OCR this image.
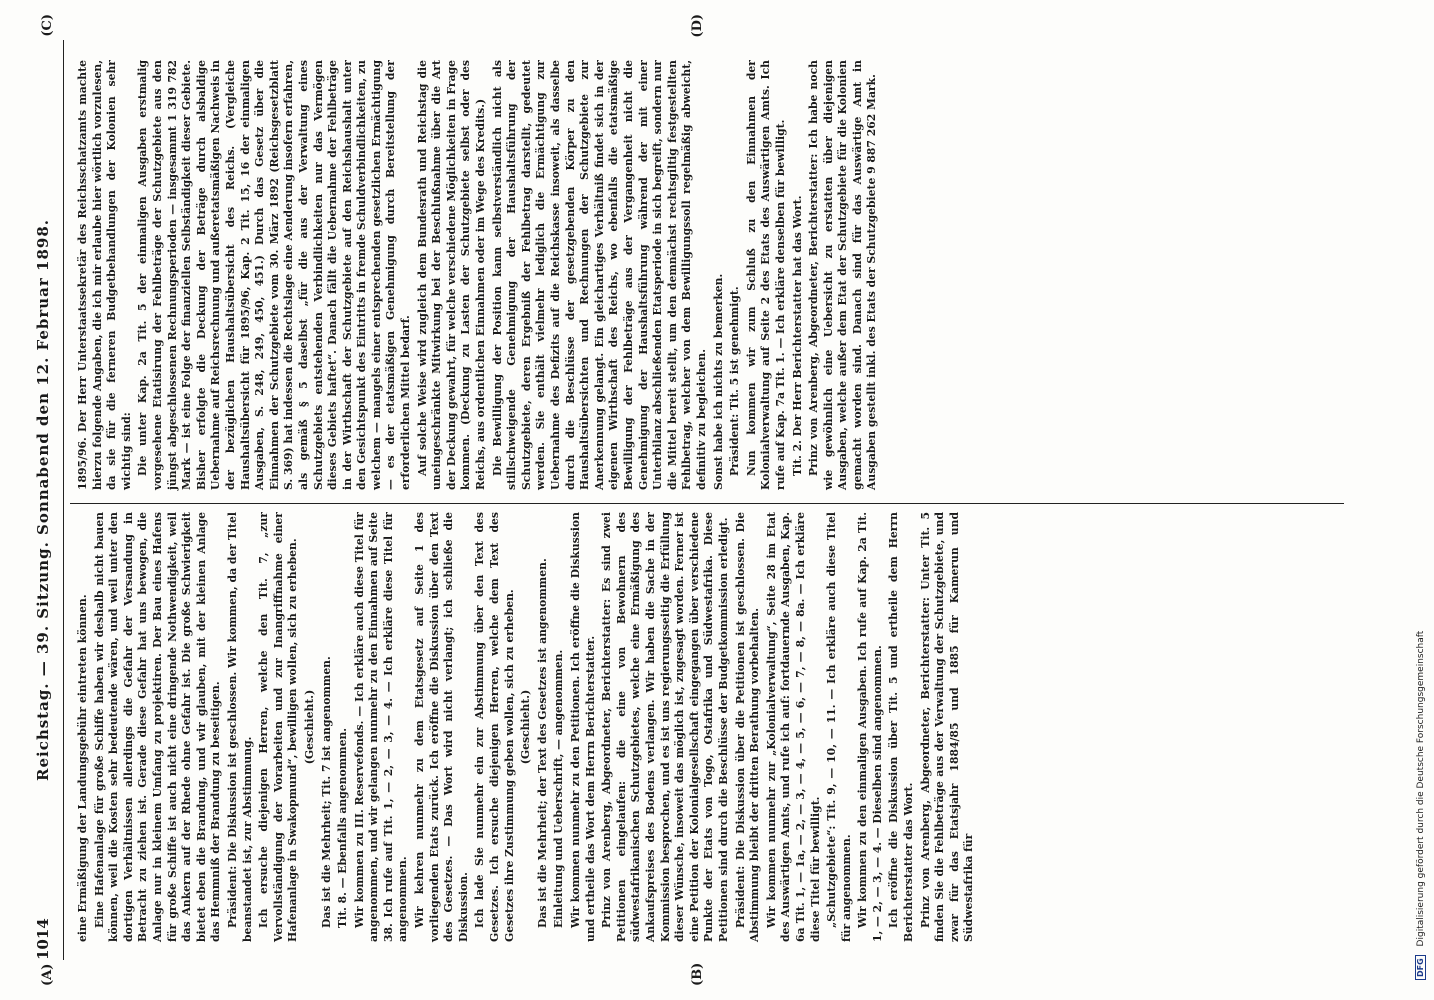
1014
Reichstag. — 39. Sitzung. Sonnabend den 12. Februar 1898.
(A)	(B)
(C)	(D)

eine Ermäßigung der Landungsgebühr eintreten können. Eine Hafenanlage für große Schiffe haben wir deshalb nicht bauen können, weil die Kosten sehr bedeutende wären, und weil unter den dortigen Verhältnissen allerdings die Gefahr der Versandung in Betracht zu ziehen ist. Gerade diese Gefahr hat uns bewogen, die Anlage nur in kleinem Umfang zu projektiren. Der Bau eines Hafens für große Schiffe ist auch nicht eine dringende Nothwendigkeit, weil das Ankern auf der Rhede ohne Gefahr ist. Die große Schwierigkeit bietet eben die Brandung, und wir glauben, mit der kleinen Anlage das Hemmniß der Brandung zu beseitigen. Präsident: Die Diskussion ist geschlossen. Wir kommen, da der Titel beanstandet ist, zur Abstimmung. Ich ersuche diejenigen Herren, welche den Tit. 7, „zur Vervollständigung der Vorarbeiten und zur Inangriffnahme einer Hafenanlage in Swakopmund“, bewilligen wollen, sich zu erheben. (Geschieht.) Das ist die Mehrheit; Tit. 7 ist angenommen. Tit. 8. — Ebenfalls angenommen. Wir kommen zu III. Reservefonds. — Ich erkläre auch diese Titel für angenommen, und wir gelangen nunmehr zu den Einnahmen auf Seite 38. Ich rufe auf Tit. 1, — 2, — 3, — 4. — Ich erkläre diese Titel für angenommen. Wir kehren nunmehr zu dem Etatsgesetz auf Seite 1 des vorliegenden Etats zurück. Ich eröffne die Diskussion über den Text des Gesetzes. — Das Wort wird nicht verlangt; ich schließe die Diskussion. Ich lade Sie nunmehr ein zur Abstimmung über den Text des Gesetzes. Ich ersuche diejenigen Herren, welche dem Text des Gesetzes ihre Zustimmung geben wollen, sich zu erheben. (Geschieht.) Das ist die Mehrheit; der Text des Gesetzes ist angenommen. Einleitung und Ueberschrift, — angenommen. Wir kommen nunmehr zu den Petitionen. Ich eröffne die Diskussion und ertheile das Wort dem Herrn Berichterstatter. Prinz von Arenberg, Abgeordneter, Berichterstatter: Es sind zwei Petitionen eingelaufen: die eine von Bewohnern des südwestafrikanischen Schutzgebietes, welche eine Ermäßigung des Ankaufspreises des Bodens verlangen. Wir haben die Sache in der Kommission besprochen, und es ist uns regierungsseitig die Erfüllung dieser Wünsche, insoweit das möglich ist, zugesagt worden. Ferner ist eine Petition der Kolonialgesellschaft eingegangen über verschiedene Punkte der Etats von Togo, Ostafrika und Südwestafrika. Diese Petitionen sind durch die Beschlüsse der Budgetkommission erledigt. Präsident: Die Diskussion über die Petitionen ist geschlossen. Die Abstimmung bleibt der dritten Berathung vorbehalten. Wir kommen nunmehr zur „Kolonialverwaltung“, Seite 28 im Etat des Auswärtigen Amts, und rufe ich auf: fortdauernde Ausgaben, Kap. 6a Tit. 1, — 1a, — 2, — 3, — 4, — 5, — 6, — 7, — 8, — 8a. — Ich erkläre diese Titel für bewilligt. „Schutzgebiete“: Tit. 9, — 10, — 11. — Ich erkläre auch diese Titel für angenommen. Wir kommen zu den einmaligen Ausgaben. Ich rufe auf Kap. 2a Tit. 1, — 2, — 3, — 4. — Dieselben sind angenommen. Ich eröffne die Diskussion über Tit. 5 und ertheile dem Herrn Berichterstatter das Wort. Prinz von Arenberg, Abgeordneter, Berichterstatter: Unter Tit. 5 finden Sie die Fehlbeträge aus der Verwaltung der Schutzgebiete, und zwar für das Etatsjahr 1884/85 und 1885 für Kamerun und Südwestafrika für

1895/96. Der Herr Unterstaatssekretär des Reichsschatzamts machte hierzu folgende Angaben, die ich mir erlaube hier wörtlich vorzulesen, da sie für die ferneren Budgetbehandlungen der Kolonien sehr wichtig sind: Die unter Kap. 2a Tit. 5 der einmaligen Ausgaben erstmalig vorgesehene Etatisirung der Fehlbeträge der Schutzgebiete aus den jüngst abgeschlossenen Rechnungsperioden — insgesammt 1 319 782 Mark — ist eine Folge der finanziellen Selbständigkeit dieser Gebiete. Bisher erfolgte die Deckung der Beträge durch alsbaldige Uebernahme auf Reichsrechnung und außeretatsmäßigen Nachweis in der bezüglichen Haushaltsübersicht des Reichs. (Vergleiche Haushaltsübersicht für 1895/96, Kap. 2 Tit. 15, 16 der einmaligen Ausgaben, S. 248, 249, 450, 451.) Durch das Gesetz über die Einnahmen der Schutzgebiete vom 30. März 1892 (Reichsgesetzblatt S. 369) hat indessen die Rechtslage eine Aenderung insofern erfahren, als gemäß § 5 daselbst „für die aus der Verwaltung eines Schutzgebiets entstehenden Verbindlichkeiten nur das Vermögen dieses Gebiets haftet“. Danach fällt die Uebernahme der Fehlbeträge in der Wirthschaft der Schutzgebiete auf den Reichshaushalt unter den Gesichtspunkt des Eintritts in fremde Schuldverbindlichkeiten, zu welchem — mangels einer entsprechenden gesetzlichen Ermächtigung — es der etatsmäßigen Genehmigung durch Bereitstellung der erforderlichen Mittel bedarf. Auf solche Weise wird zugleich dem Bundesrath und Reichstag die uneingeschränkte Mitwirkung bei der Beschlußnahme über die Art der Deckung gewahrt, für welche verschiedene Möglichkeiten in Frage kommen. (Deckung zu Lasten der Schutzgebiete selbst oder des Reichs, aus ordentlichen Einnahmen oder im Wege des Kredits.) Die Bewilligung der Position kann selbstverständlich nicht als stillschweigende Genehmigung der Haushaltsführung der Schutzgebiete, deren Ergebniß der Fehlbetrag darstellt, gedeutet werden. Sie enthält vielmehr lediglich die Ermächtigung zur Uebernahme des Defizits auf die Reichskasse insoweit, als dasselbe durch die Beschlüsse der gesetzgebenden Körper zu den Haushaltsübersichten und Rechnungen der Schutzgebiete zur Anerkennung gelangt. Ein gleichartiges Verhältniß findet sich in der eigenen Wirthschaft des Reichs, wo ebenfalls die etatsmäßige Bewilligung der Fehlbeträge aus der Vergangenheit nicht die Genehmigung der Haushaltsführung während der mit einer Unterbilanz abschließenden Etatsperiode in sich begreift, sondern nur die Mittel bereit stellt, um den demnächst rechtsgiltig festgestellten Fehlbetrag, welcher von dem Bewilligungssoll regelmäßig abweicht, definitiv zu begleichen. Sonst habe ich nichts zu bemerken. Präsident: Tit. 5 ist genehmigt. Nun kommen wir zum Schluß zu den Einnahmen der Kolonialverwaltung auf Seite 2 des Etats des Auswärtigen Amts. Ich rufe auf Kap. 7a Tit. 1. — Ich erkläre denselben für bewilligt. Tit. 2. Der Herr Berichterstatter hat das Wort. Prinz von Arenberg, Abgeordneter, Berichterstatter: Ich habe noch wie gewöhnlich eine Uebersicht zu erstatten über diejenigen Ausgaben, welche außer dem Etat der Schutzgebiete für die Kolonien gemacht worden sind. Danach sind für das Auswärtige Amt in Ausgaben gestellt inkl. des Etats der Schutzgebiete 9 887 262 Mark.

DFG Digitalisierung gefördert durch die Deutsche Forschungsgemeinschaft
